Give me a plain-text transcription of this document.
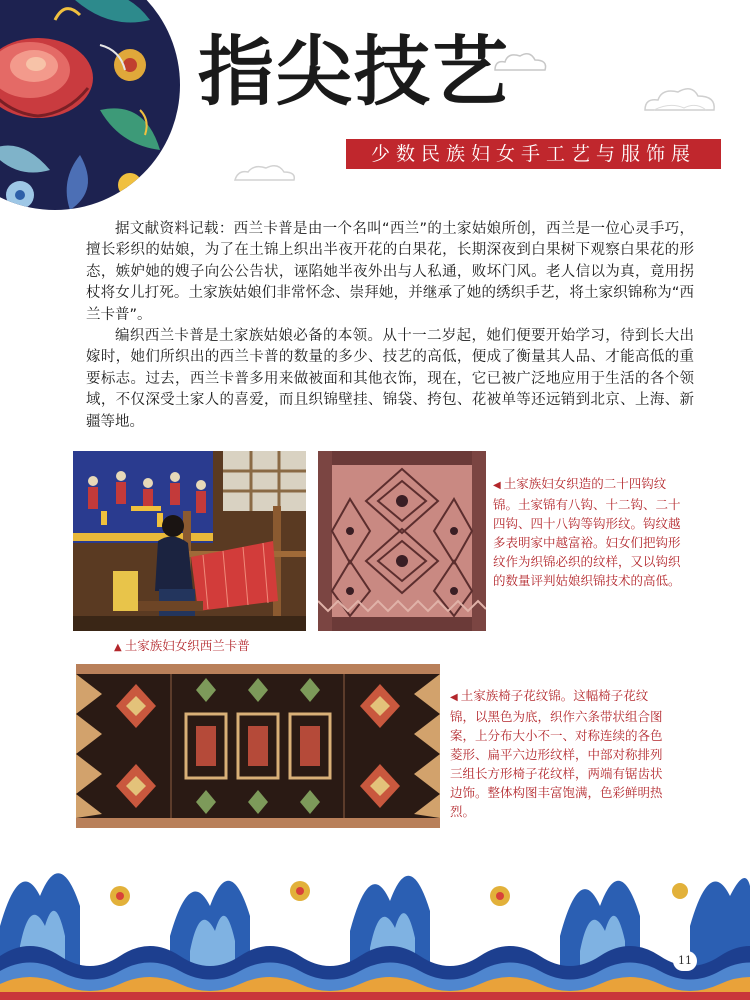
指尖技艺
少数民族妇女手工艺与服饰展

据文献资料记载：西兰卡普是由一个名叫“西兰”的土家姑娘所创，西兰是一位心灵手巧，擅长彩织的姑娘，为了在土锦上织出半夜开花的白果花，长期深夜到白果树下观察白果花的形态，嫉妒她的嫂子向公公告状，诬陷她半夜外出与人私通，败坏门风。老人信以为真，竟用拐杖将女儿打死。土家族姑娘们非常怀念、崇拜她，并继承了她的绣织手艺，将土家织锦称为“西兰卡普”。

编织西兰卡普是土家族姑娘必备的本领。从十一二岁起，她们便要开始学习，待到长大出嫁时，她们所织出的西兰卡普的数量的多少、技艺的高低，便成了衡量其人品、才能高低的重要标志。过去，西兰卡普多用来做被面和其他衣饰，现在，它已被广泛地应用于生活的各个领域，不仅深受土家人的喜爱，而且织锦壁挂、锦袋、挎包、花被单等还远销到北京、上海、新疆等地。

◀ 土家族妇女织造的二十四钩纹锦。土家锦有八钩、十二钩、二十四钩、四十八钩等钩形纹。钩纹越多表明家中越富裕。妇女们把钩形纹作为织锦必织的纹样，又以钩织的数量评判姑娘织锦技术的高低。
▲ 土家族妇女织西兰卡普
◀ 土家族椅子花纹锦。这幅椅子花纹锦，以黑色为底，织作六条带状组合图案，上分布大小不一、对称连续的各色菱形、扁平六边形纹样，中部对称排列三组长方形椅子花纹样，两端有锯齿状边饰。整体构图丰富饱满，色彩鲜明热烈。
11
